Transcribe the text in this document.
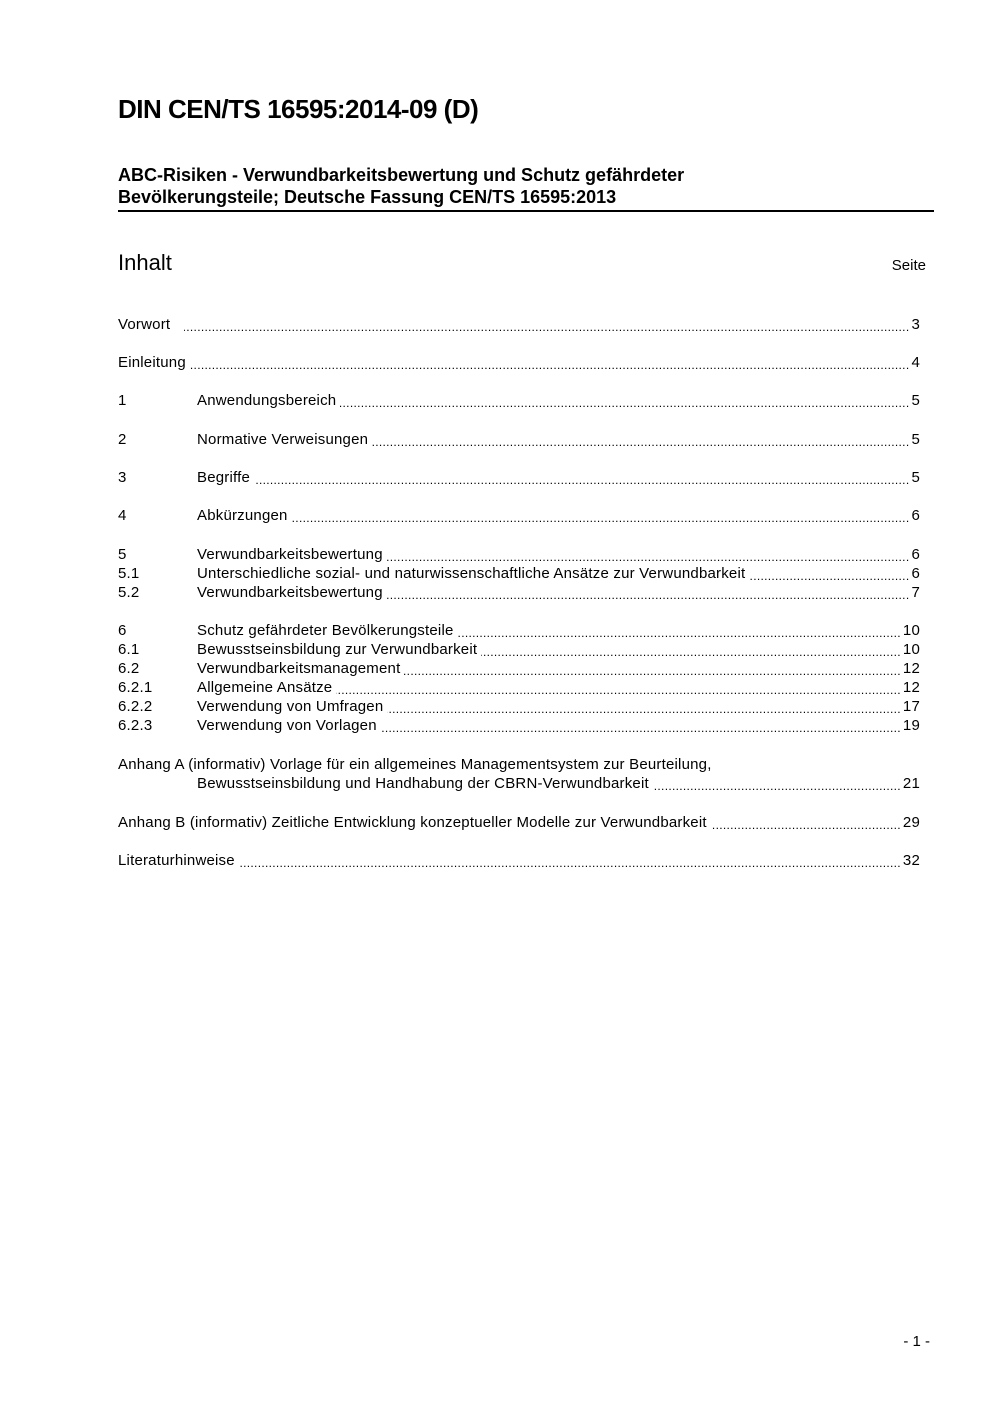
DIN CEN/TS 16595:2014-09 (D)
ABC-Risiken - Verwundbarkeitsbewertung und Schutz gefährdeter
Bevölkerungsteile; Deutsche Fassung CEN/TS 16595:2013
Inhalt	Seite
Vorwort .....	3
Einleitung .....	4
1	Anwendungsbereich .....	5
2	Normative Verweisungen .....	5
3	Begriffe .....	5
4	Abkürzungen .....	6
5	Verwundbarkeitsbewertung .....	6
5.1	Unterschiedliche sozial- und naturwissenschaftliche Ansätze zur Verwundbarkeit .....	6
5.2	Verwundbarkeitsbewertung .....	7
6	Schutz gefährdeter Bevölkerungsteile .....	10
6.1	Bewusstseinsbildung zur Verwundbarkeit .....	10
6.2	Verwundbarkeitsmanagement .....	12
6.2.1	Allgemeine Ansätze .....	12
6.2.2	Verwendung von Umfragen .....	17
6.2.3	Verwendung von Vorlagen .....	19
Anhang A (informativ) Vorlage für ein allgemeines Managementsystem zur Beurteilung,
Bewusstseinsbildung und Handhabung der CBRN-Verwundbarkeit .....	21
Anhang B (informativ) Zeitliche Entwicklung konzeptueller Modelle zur Verwundbarkeit .....	29
Literaturhinweise .....	32
- 1 -
